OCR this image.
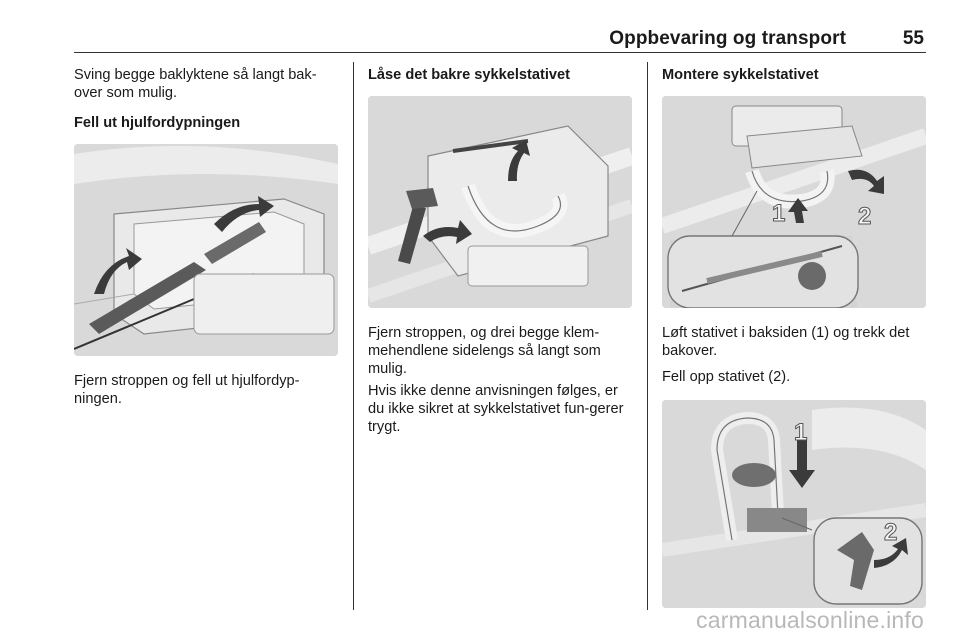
Oppbevaring og transport	55

Sving begge baklyktene så langt bak-over som mulig.

Fell ut hjulfordypningen

Fjern stroppen og fell ut hjulfordyp-ningen.

Låse det bakre sykkelstativet

Fjern stroppen, og drei begge klem-mehendlene sidelengs så langt som mulig.

Hvis ikke denne anvisningen følges, er du ikke sikret at sykkelstativet fun-gerer trygt.

Montere sykkelstativet

1	2

Løft stativet i baksiden (1) og trekk det bakover.

Fell opp stativet (2).

1
2
carmanualsonline.info
